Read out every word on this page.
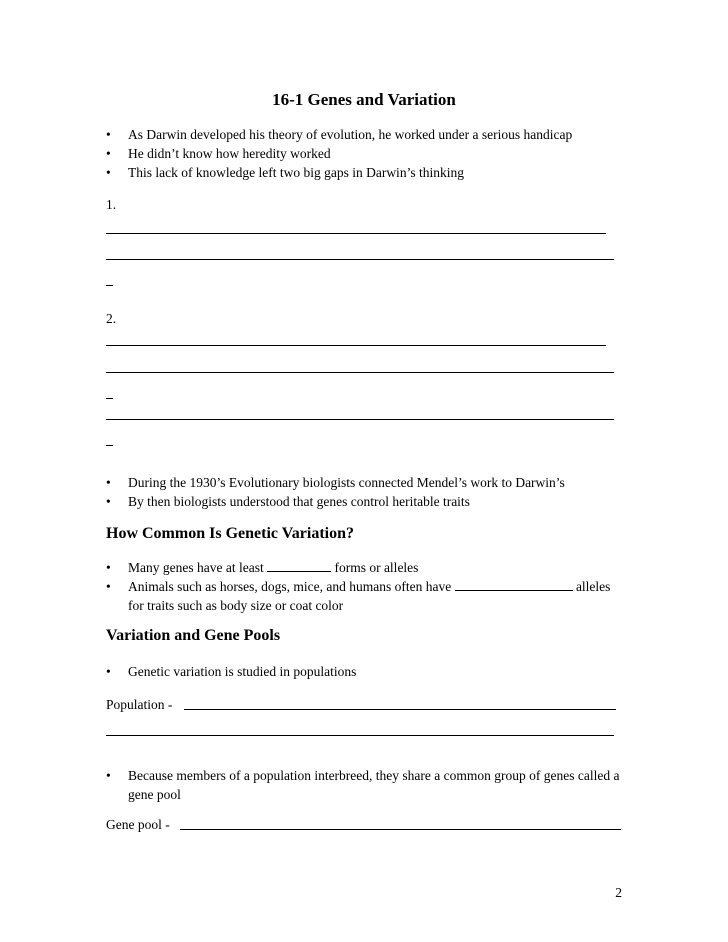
16-1 Genes and Variation
•	As Darwin developed his theory of evolution, he worked under a serious handicap
•	He didn’t know how heredity worked
•	This lack of knowledge left two big gaps in Darwin’s thinking
1.
2.
•	During the 1930’s Evolutionary biologists connected Mendel’s work to Darwin’s
•	By then biologists understood that genes control heritable traits
How Common Is Genetic Variation?
•	Many genes have at least	forms or alleles
•	Animals such as horses, dogs, mice, and humans often have	alleles for traits such as body size or coat color
Variation and Gene Pools
•	Genetic variation is studied in populations
Population -
•	Because members of a population interbreed, they share a common group of genes called a gene pool
Gene pool -
2
